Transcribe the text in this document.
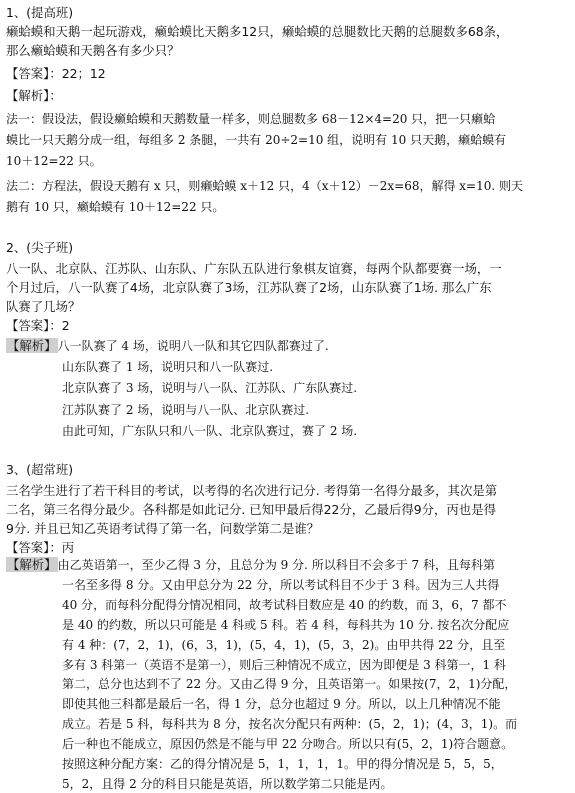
1、(提高班)
癞蛤蟆和天鹅一起玩游戏，癞蛤蟆比天鹅多12只，癞蛤蟆的总腿数比天鹅的总腿数多68条，
那么癞蛤蟆和天鹅各有多少只？
【答案】：22；12
【解析】：
法一：假设法，假设癞蛤蟆和天鹅数量一样多，则总腿数多 68－12×4=20 只，把一只癞蛤
蟆比一只天鹅分成一组，每组多 2 条腿，一共有 20÷2=10 组，说明有 10 只天鹅，癞蛤蟆有
10＋12=22 只。
法二：方程法，假设天鹅有 x 只，则癞蛤蟆 x＋12 只，4（x＋12）－2x=68，解得 x=10. 则天
鹅有 10 只，癞蛤蟆有 10＋12=22 只。
2、(尖子班)
八一队、北京队、江苏队、山东队、广东队五队进行象棋友谊赛，每两个队都要赛一场，一
个月过后，八一队赛了4场，北京队赛了3场，江苏队赛了2场，山东队赛了1场. 那么广东
队赛了几场？
【答案】：2
【解析】八一队赛了 4 场，说明八一队和其它四队都赛过了.
山东队赛了 1 场，说明只和八一队赛过.
北京队赛了 3 场，说明与八一队、江苏队、广东队赛过.
江苏队赛了 2 场，说明与八一队、北京队赛过.
由此可知，广东队只和八一队、北京队赛过，赛了 2 场.
3、(超常班)
三名学生进行了若干科目的考试，以考得的名次进行记分. 考得第一名得分最多，其次是第
二名，第三名得分最少。各科都是如此记分. 已知甲最后得22分，乙最后得9分，丙也是得
9分. 并且已知乙英语考试得了第一名，问数学第二是谁？
【答案】：丙
【解析】由乙英语第一，至少乙得 3 分，且总分为 9 分. 所以科目不会多于 7 科，且每科第
一名至多得 8 分。又由甲总分为 22 分，所以考试科目不少于 3 科。因为三人共得
40 分，而每科分配得分情况相同，故考试科目数应是 40 的约数，而 3，6，7 都不
是 40 的约数，所以只可能是 4 科或 5 科。若 4 科，每科共为 10 分. 按名次分配应
有 4 种：(7，2，1)，(6，3，1)，(5，4，1)，(5，3，2)。由甲共得 22 分，且至
多有 3 科第一（英语不是第一），则后三种情况不成立，因为即便是 3 科第一，1 科
第二，总分也达到不了 22 分。又由乙得 9 分，且英语第一。如果按(7，2，1)分配，
即使其他三科都是最后一名，得 1 分，总分也超过 9 分。所以，以上几种情况不能
成立。若是 5 科，每科共为 8 分，按名次分配只有两种：(5，2，1)；(4，3，1)。而
后一种也不能成立，原因仍然是不能与甲 22 分吻合。所以只有(5，2，1)符合题意。
按照这种分配方案：乙的得分情况是 5，1，1，1，1。甲的得分情况是 5，5，5，
5，2，且得 2 分的科目只能是英语，所以数学第二只能是丙。
